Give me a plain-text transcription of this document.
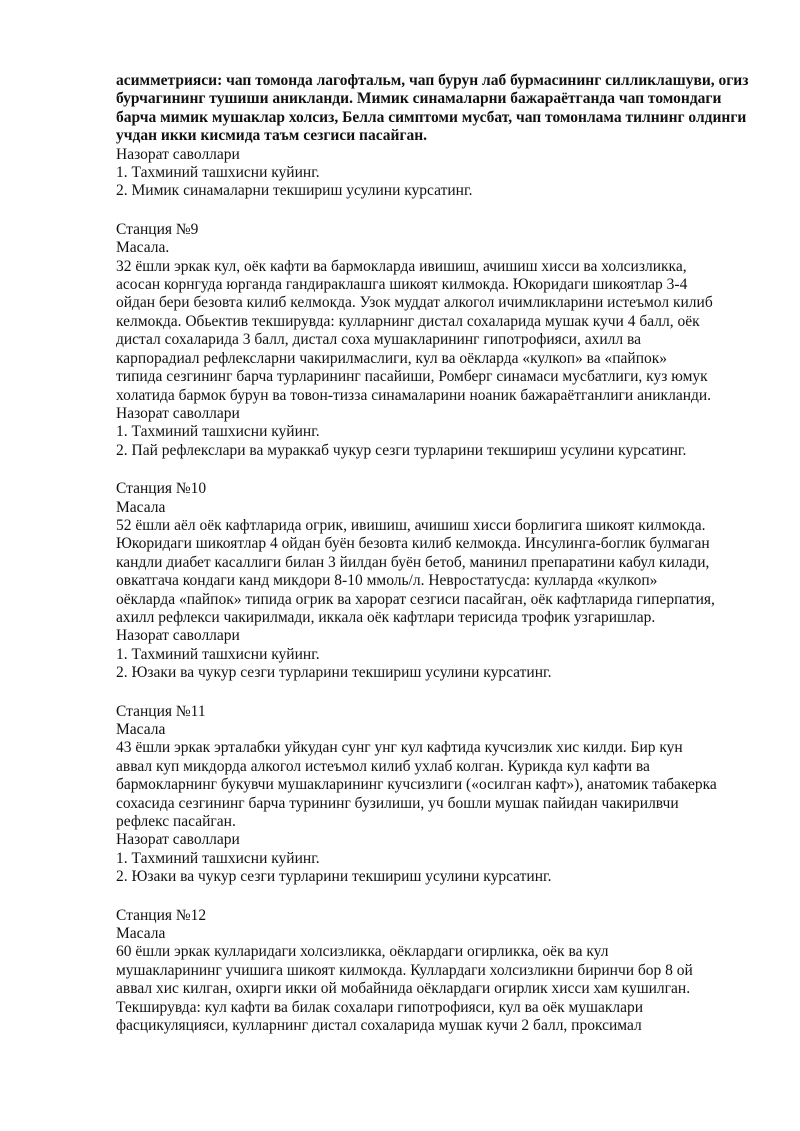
асимметрияси: чап томонда лагофтальм, чап бурун лаб бурмасининг силликлашуви, огиз
бурчагининг тушиши аникланди. Мимик синамаларни бажараётганда чап томондаги
барча мимик мушаклар холсиз, Белла симптоми мусбат, чап томонлама тилнинг олдинги
учдан икки кисмида таъм сезгиси пасайган.

Назорат саволлари
1. Тахминий ташхисни куйинг.
2. Мимик синамаларни текшириш усулини курсатинг.
Станция №9
Масала.

32 ёшли эркак кул, оёк кафти ва бармокларда ивишиш, ачишиш хисси ва холсизликка,
асосан корнгуда юрганда гандираклашга шикоят килмокда. Юкоридаги шикоятлар 3-4
ойдан бери безовта килиб келмокда. Узок муддат алкогол ичимликларини истеъмол килиб
келмокда. Обьектив текширувда: кулларнинг дистал сохаларида мушак кучи 4 балл, оёк
дистал сохаларида 3 балл, дистал соха мушакларининг гипотрофияси, ахилл ва
карпорадиал рефлексларни чакирилмаслиги, кул ва оёкларда «кулкоп» ва «пайпок»
типида сезгининг барча турларининг пасайиши, Ромберг синамаси мусбатлиги, куз юмук
холатида бармок бурун ва товон-тизза синамаларини ноаник бажараётганлиги аникланди.

Назорат саволлари
1. Тахминий ташхисни куйинг.
2. Пай рефлекслари ва мураккаб чукур сезги турларини текшириш усулини курсатинг.
Станция №10
Масала

52 ёшли аёл оёк кафтларида огрик, ивишиш, ачишиш хисси борлигига шикоят килмокда.
Юкоридаги шикоятлар 4 ойдан буён безовта килиб келмокда. Инсулинга-боглик булмаган
кандли диабет касаллиги билан 3 йилдан буён бетоб, манинил препаратини кабул килади,
овкатгача кондаги канд микдори 8-10 ммоль/л. Невростатусда: кулларда «кулкоп»
оёкларда «пайпок» типида огрик ва харорат сезгиси пасайган, оёк кафтларида гиперпатия,
ахилл рефлекси чакирилмади, иккала оёк кафтлари терисида трофик узгаришлар.

Назорат саволлари
1. Тахминий ташхисни куйинг.
2. Юзаки ва чукур сезги турларини текшириш усулини курсатинг.
Станция №11
Масала

43 ёшли эркак эрталабки уйкудан сунг унг кул кафтида кучсизлик хис килди. Бир кун
аввал куп микдорда алкогол истеъмол килиб ухлаб колган. Курикда кул кафти ва
бармокларнинг букувчи мушакларининг кучсизлиги («осилган кафт»), анатомик табакерка
сохасида сезгининг барча турининг бузилиши, уч бошли мушак пайидан чакирилвчи
рефлекс пасайган.

Назорат саволлари
1. Тахминий ташхисни куйинг.
2. Юзаки ва чукур сезги турларини текшириш усулини курсатинг.
Станция №12
Масала

60 ёшли эркак кулларидаги холсизликка, оёклардаги огирликка, оёк ва кул
мушакларининг учишига шикоят килмокда. Куллардаги холсизликни биринчи бор 8 ой
аввал хис килган, охирги икки ой мобайнида оёклардаги огирлик хисси хам кушилган.
Текширувда: кул кафти ва билак сохалари гипотрофияси, кул ва оёк мушаклари
фасцикуляцияси, кулларнинг дистал сохаларида мушак кучи 2 балл, проксимал
